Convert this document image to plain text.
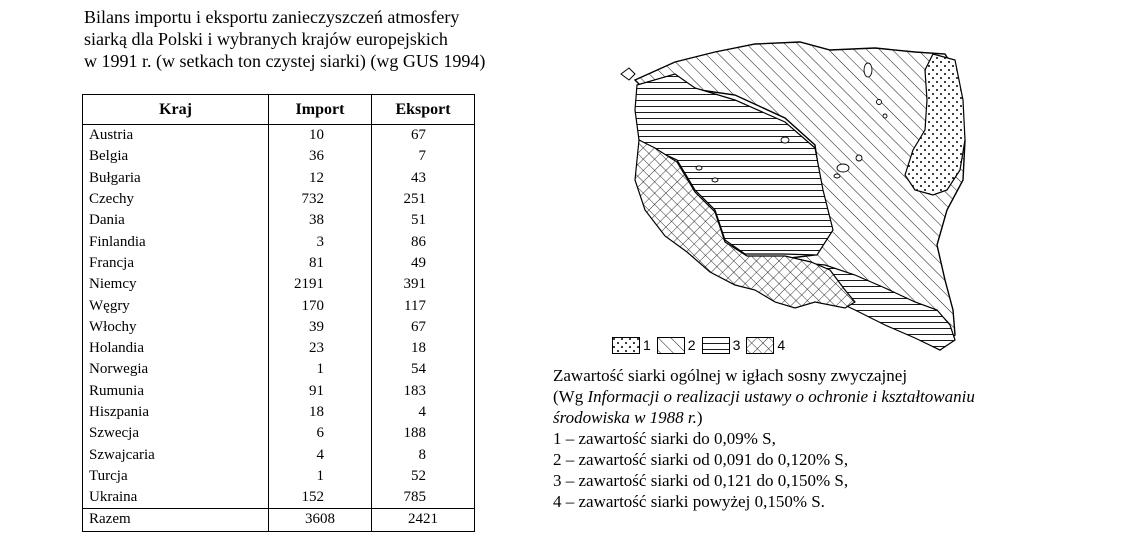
Bilans importu i eksportu zanieczyszczeń atmosfery
siarką dla Polski i wybranych krajów europejskich
w 1991 r. (w setkach ton czystej siarki) (wg GUS 1994)
Kraj	Import	Eksport
Austria	10	67
Belgia	36	7
Bułgaria	12	43
Czechy	732	251
Dania	38	51
Finlandia	3	86
Francja	81	49
Niemcy	2191	391
Węgry	170	117
Włochy	39	67
Holandia	23	18
Norwegia	1	54
Rumunia	91	183
Hiszpania	18	4
Szwecja	6	188
Szwajcaria	4	8
Turcja	1	52
Ukraina	152	785
Razem	3608	2421
1	2	3	4
Zawartość siarki ogólnej w igłach sosny zwyczajnej
(Wg Informacji o realizacji ustawy o ochronie i kształtowaniu
środowiska w 1988 r.)
1 – zawartość siarki do 0,09% S,
2 – zawartość siarki od 0,091 do 0,120% S,
3 – zawartość siarki od 0,121 do 0,150% S,
4 – zawartość siarki powyżej 0,150% S.
